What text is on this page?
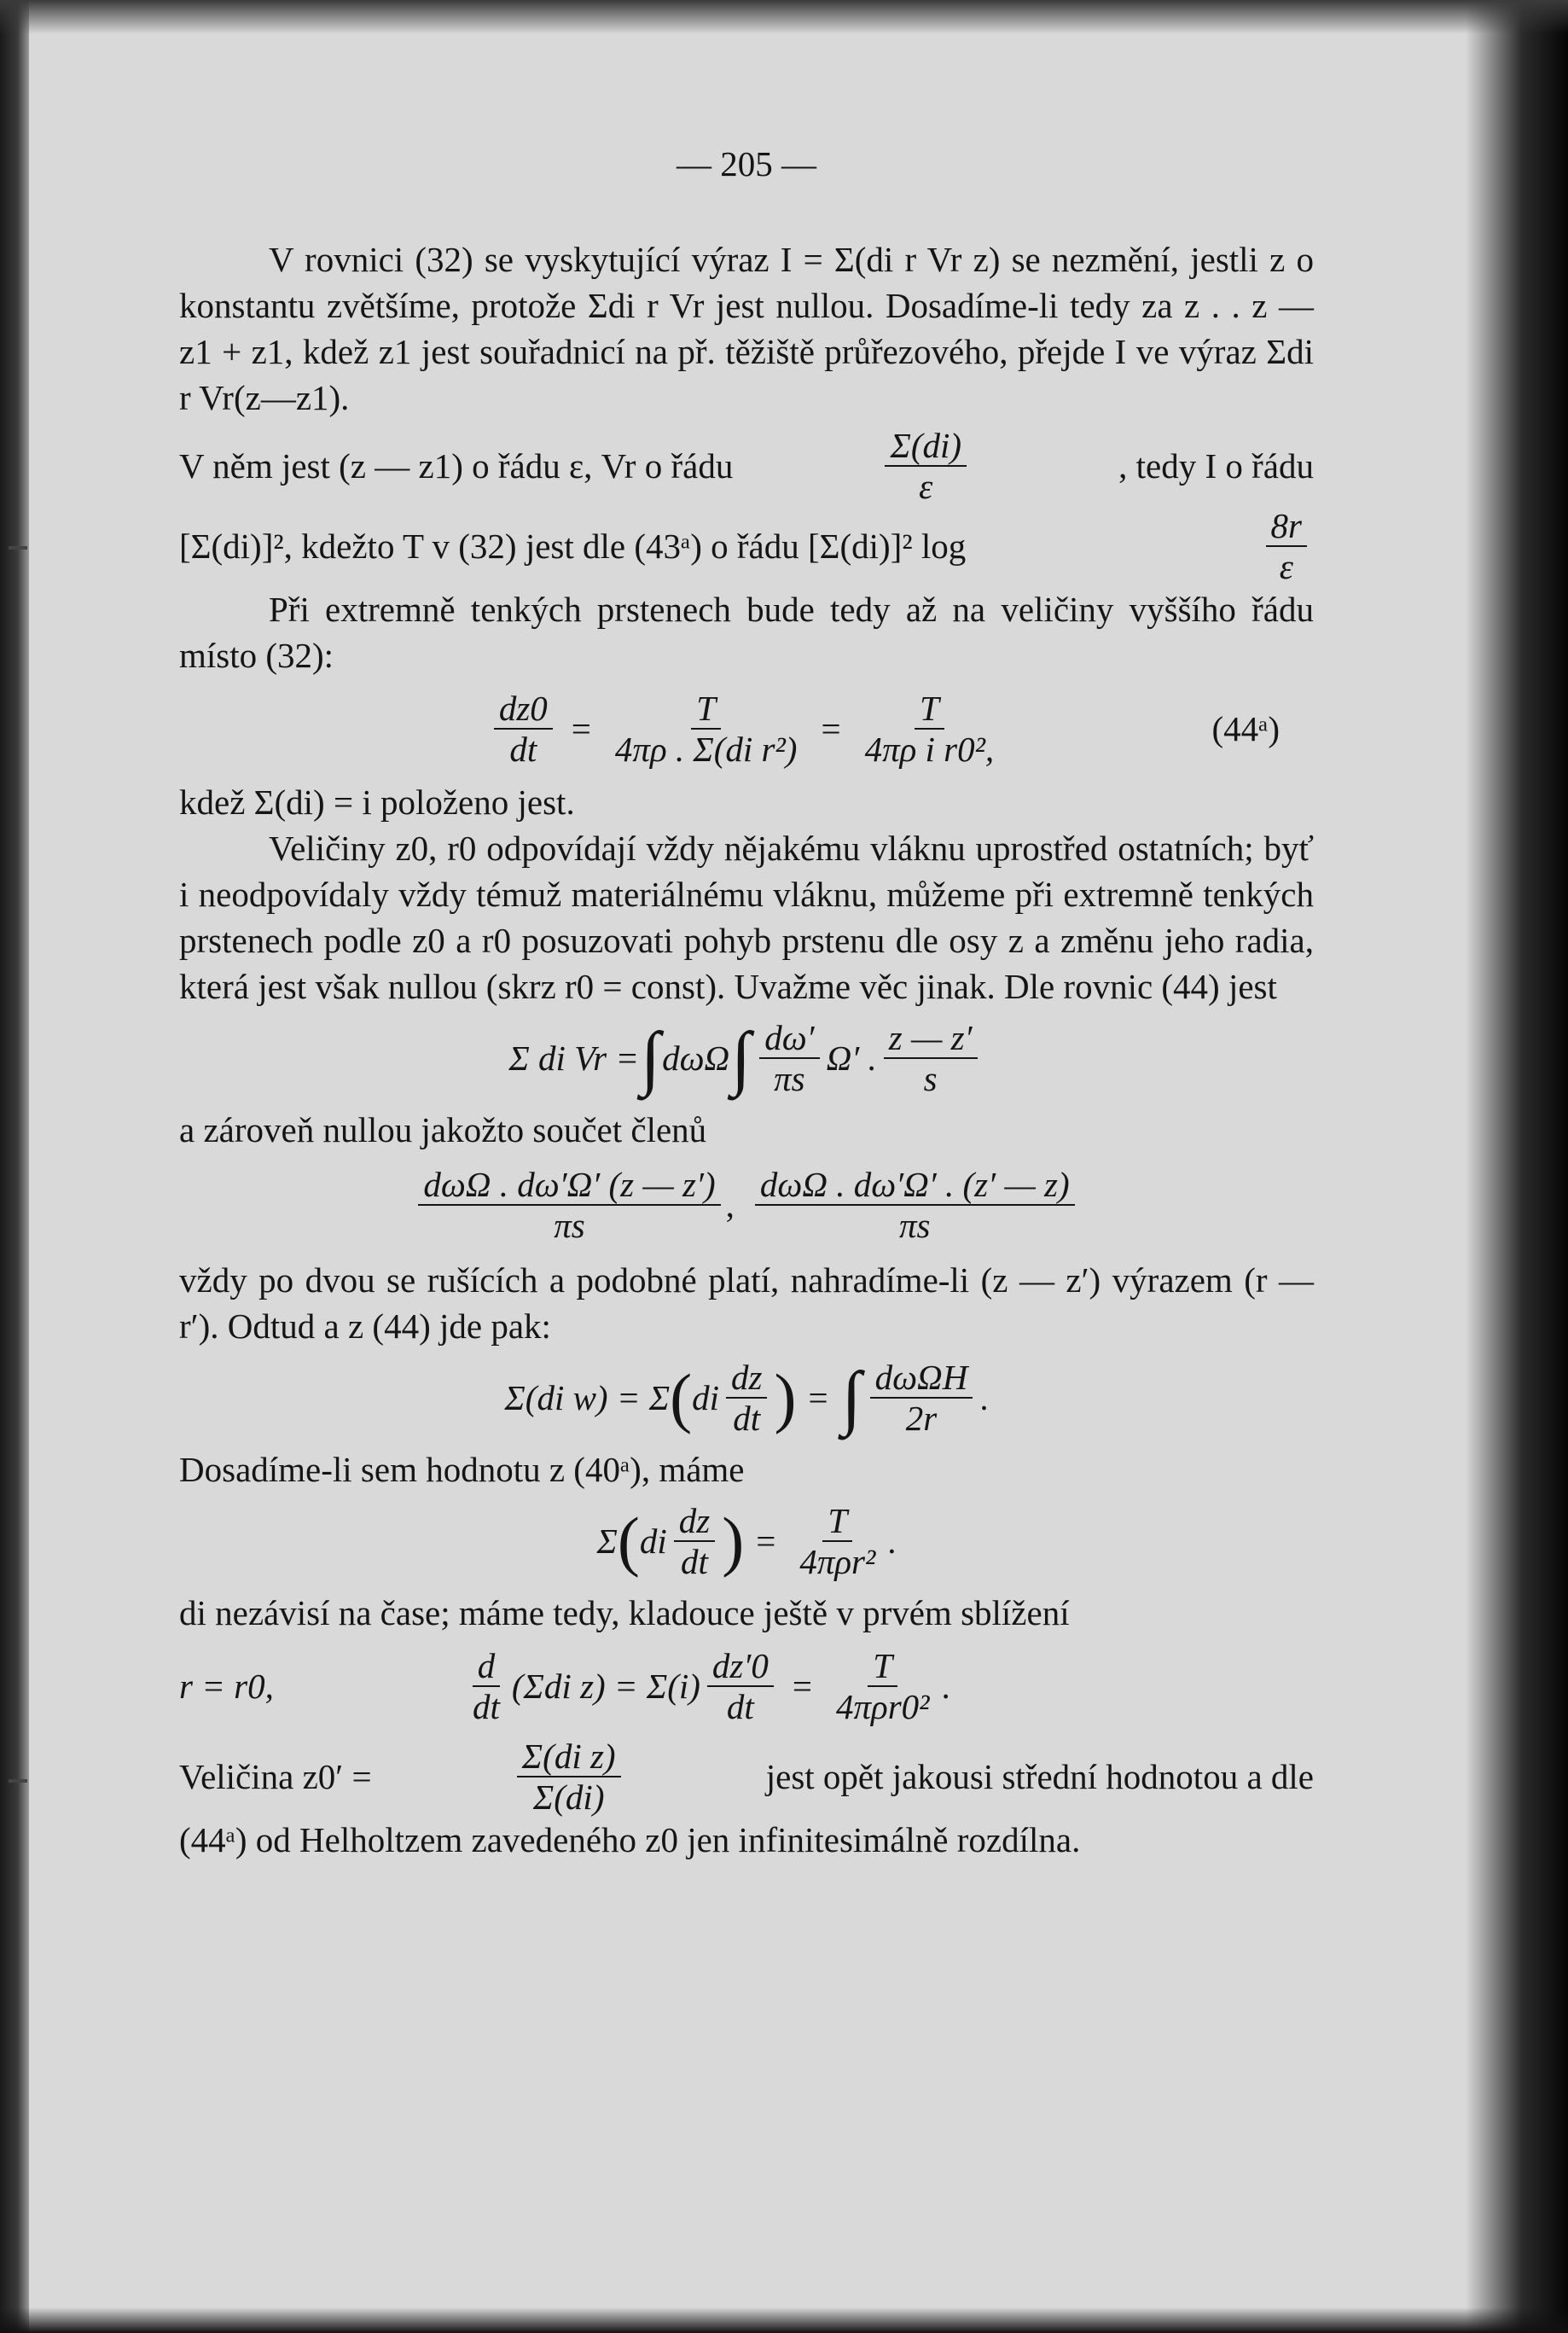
— 205 —

V rovnici (32) se vyskytující výraz I = Σ(di r Vr z) se nezmění, jestli z o konstantu zvětšíme, protože Σdi r Vr jest nullou. Dosadíme-li tedy za z . . z — z1 + z1, kdež z1 jest souřadnicí na př. těžiště průřezového, přejde I ve výraz Σdi r Vr(z—z1).

V něm jest (z — z1) o řádu ε, Vr o řádu	$\frac{\Sigma(di)}{\varepsilon}$	, tedy I o řádu
[Σ(di)]², kdežto T v (32) jest dle (43ᵃ) o řádu [Σ(di)]² log	$\frac{8r}{\varepsilon}$

Při extremně tenkých prstenech bude tedy až na veličiny vyššího řádu místo (32):

$\frac{dz0}{dt} = \frac{T}{\text{4πρ . Σ(di r²)}} = \frac{T}{\text{4πρ i r0²,}}$	(44ᵃ)

kdež Σ(di) = i položeno jest.

Veličiny z0, r0 odpovídají vždy nějakému vláknu uprostřed ostatních; byť i neodpovídaly vždy témuž materiálnému vláknu, můžeme při extremně tenkých prstenech podle z0 a r0 posuzovati pohyb prstenu dle osy z a změnu jeho radia, která jest však nullou (skrz r0 = const). Uvažme věc jinak. Dle rovnic (44) jest

Σ di Vr = ∫ dωΩ ∫ $\frac{d\omega'}{\pi s} \Omega'$ . $\frac{z — z'}{s}$

a zároveň nullou jakožto součet členů

$\frac{\text{dωΩ . dω′Ω′ (z — z′)}}{\pi s}$ , $\frac{\text{dωΩ . dω′Ω′ . (z′ — z)}}{\pi s}$

vždy po dvou se rušících a podobné platí, nahradíme-li (z — z′) výrazem (r — r′). Odtud a z (44) jde pak:

Σ(di w) = Σ ( di $\frac{dz}{dt}$ ) = ∫ $\frac{\text{dωΩH}}{2r}$ .

Dosadíme-li sem hodnotu z (40ᵃ), máme

Σ ( di $\frac{dz}{dt}$ ) = $\frac{T}{\text{4πρr²}}$ .

di nezávisí na čase; máme tedy, kladouce ještě v prvém sblížení

r = r0,	$\frac{d}{dt} (\Sigma di$ $z) = \Sigma(i) \frac{dz'0}{dt} = \frac{T}{\text{4πρr0²}}$ .
Veličina z0′ =	$\frac{\text{Σ(di z)}}{\Sigma(di)}$	jest opět jakousi střední hodnotou a dle

(44ᵃ) od Helholtzem zavedeného z0 jen infinitesimálně rozdílna.
